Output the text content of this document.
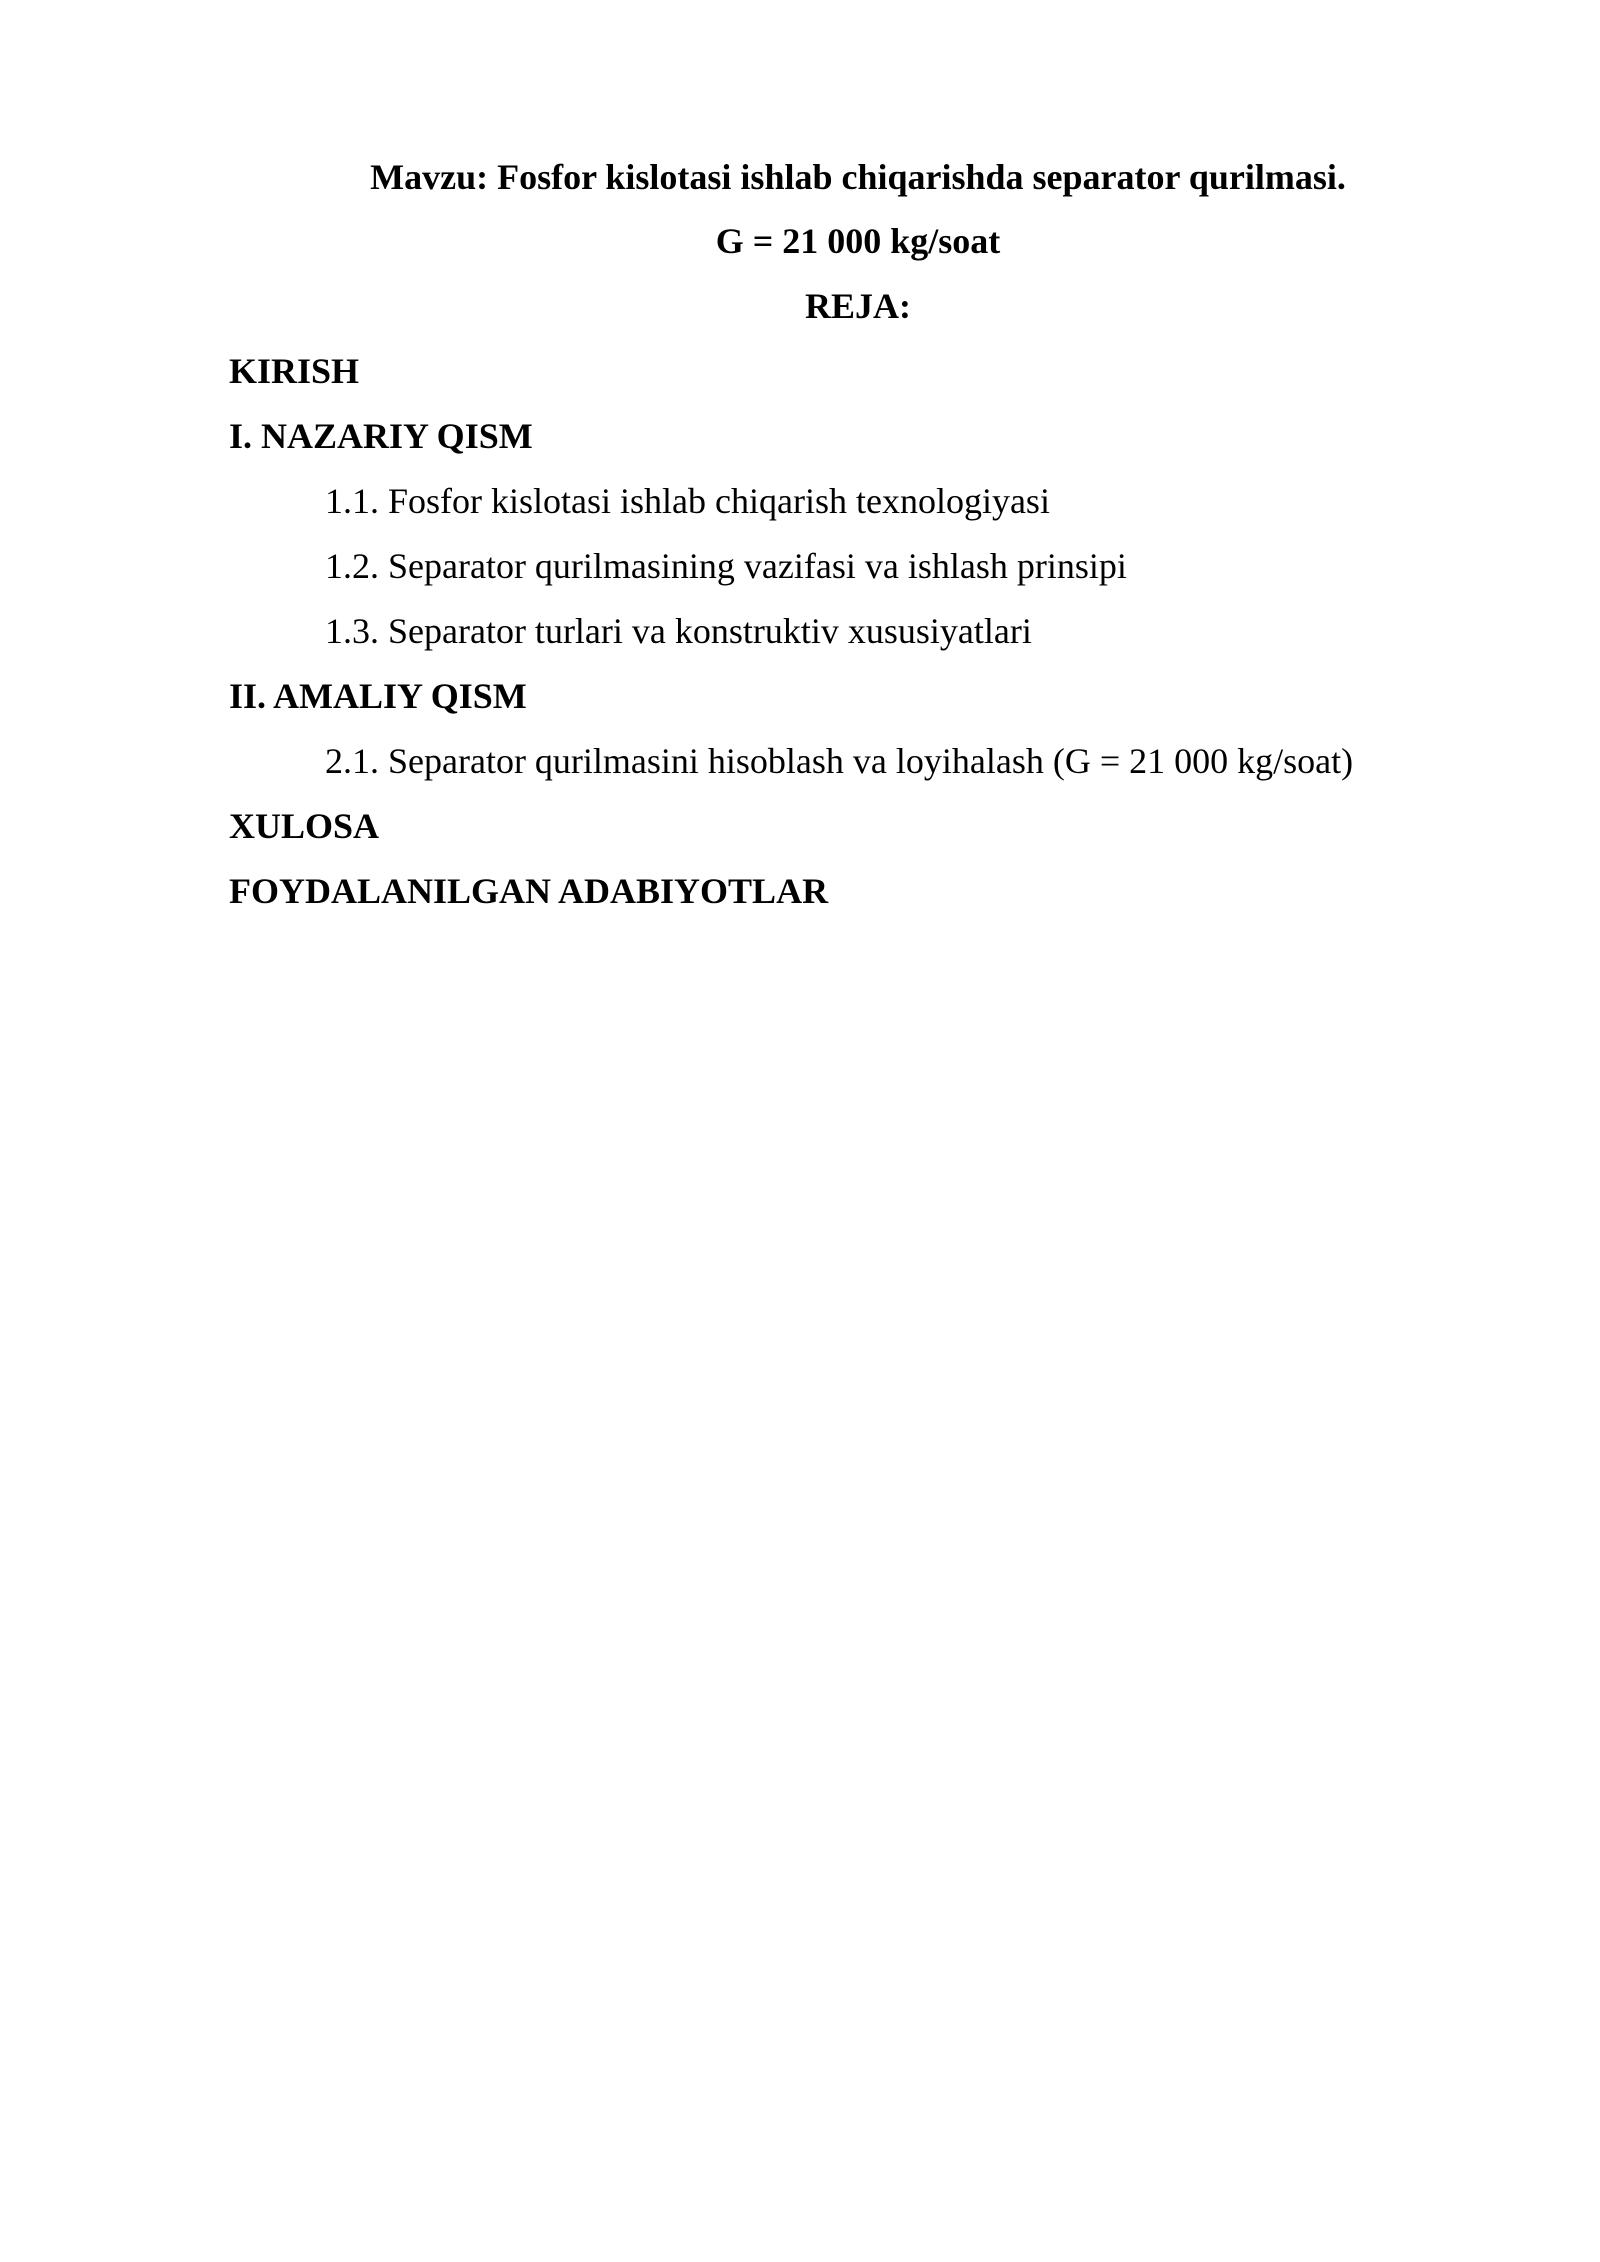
Mavzu: Fosfor kislotasi ishlab chiqarishda separator qurilmasi.
G = 21 000 kg/soat
REJA:
KIRISH
I. NAZARIY QISM
1.1. Fosfor kislotasi ishlab chiqarish texnologiyasi
1.2. Separator qurilmasining vazifasi va ishlash prinsipi
1.3. Separator turlari va konstruktiv xususiyatlari
II. AMALIY QISM
2.1. Separator qurilmasini hisoblash va loyihalash (G = 21 000 kg/soat)
XULOSA
FOYDALANILGAN ADABIYOTLAR
